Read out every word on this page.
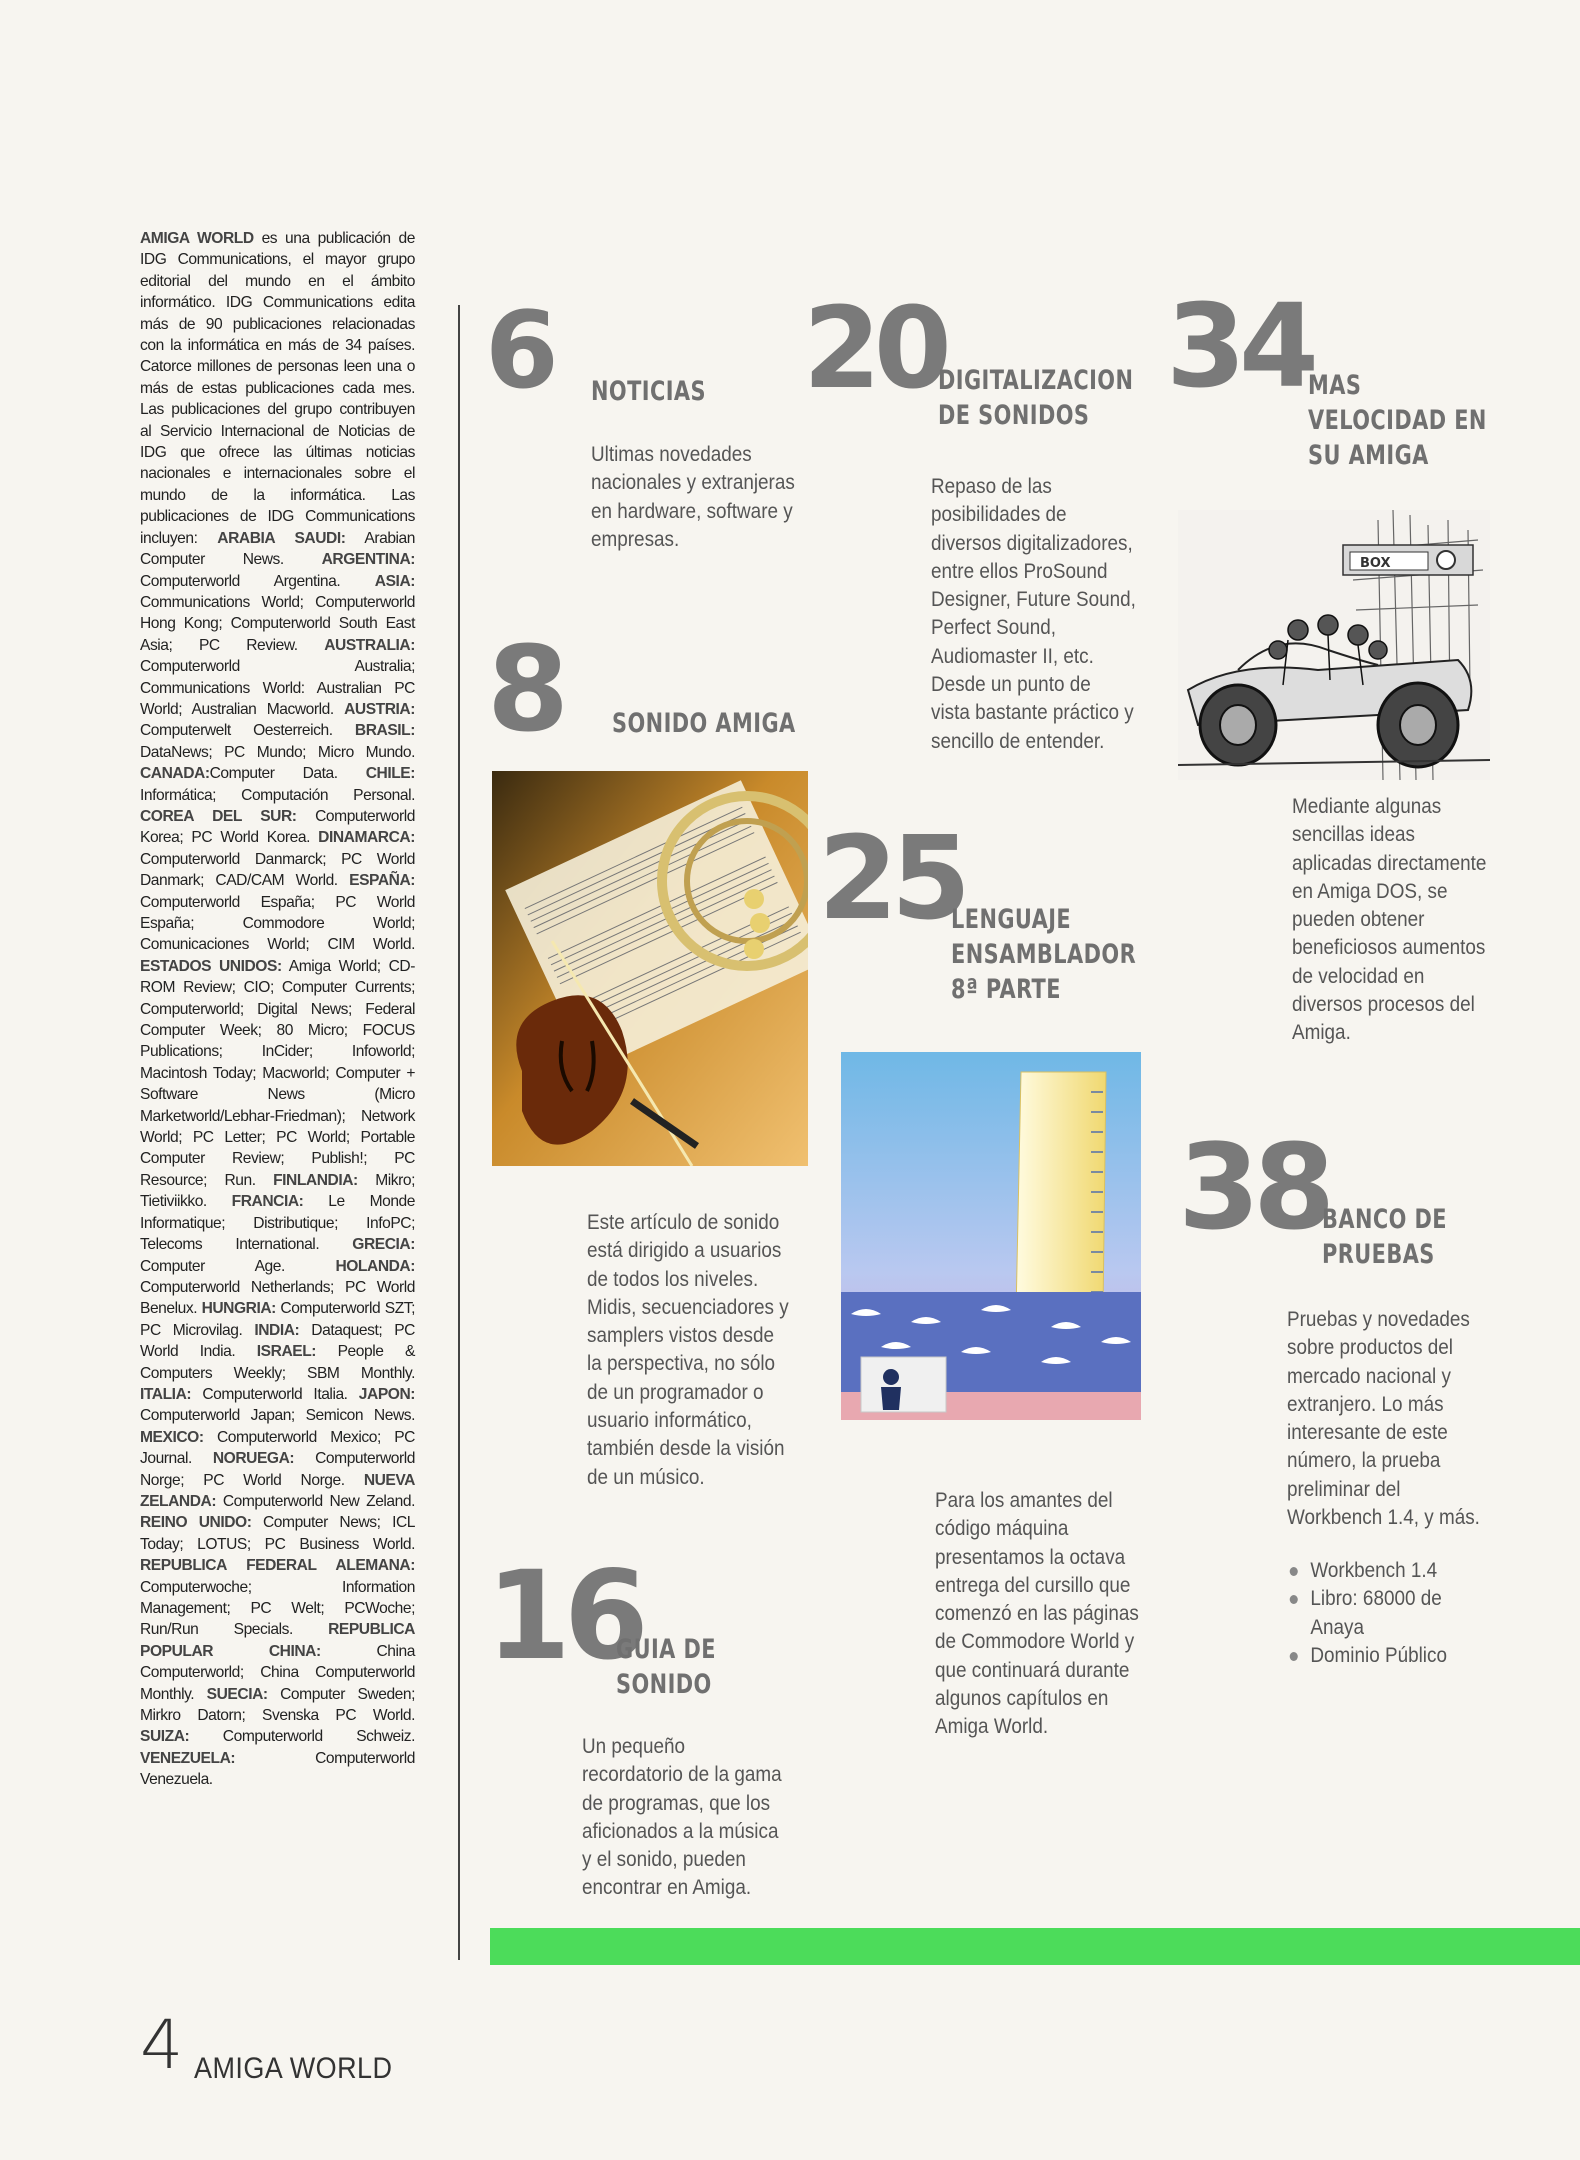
AMIGA WORLD es una publicación de IDG Communications, el mayor grupo editorial del mundo en el ámbito informático. IDG Communications edita más de 90 publicaciones relacionadas con la informática en más de 34 países. Catorce millones de personas leen una o más de estas publicaciones cada mes. Las publicaciones del grupo contribuyen al Servicio Internacional de Noticias de IDG que ofrece las últimas noticias nacionales e internacionales sobre el mundo de la informática. Las publicaciones de IDG Communications incluyen: ARABIA SAUDI: Arabian Computer News. ARGENTINA: Computerworld Argentina. ASIA: Communications World; Computerworld Hong Kong; Computerworld South East Asia; PC Review. AUSTRALIA: Computerworld Australia; Communications World: Australian PC World; Australian Macworld. AUSTRIA: Computerwelt Oesterreich. BRASIL: DataNews; PC Mundo; Micro Mundo. CANADA:Computer Data. CHILE: Informática; Computación Personal. COREA DEL SUR: Computerworld Korea; PC World Korea. DINAMARCA: Computerworld Danmarck; PC World Danmark; CAD/CAM World. ESPAÑA: Computerworld España; PC World España; Commodore World; Comunicaciones World; CIM World. ESTADOS UNIDOS: Amiga World; CD-ROM Review; CIO; Computer Currents; Computerworld; Digital News; Federal Computer Week; 80 Micro; FOCUS Publications; InCider; Infoworld; Macintosh Today; Macworld; Computer + Software News (Micro Marketworld/Lebhar-Friedman); Network World; PC Letter; PC World; Portable Computer Review; Publish!; PC Resource; Run. FINLANDIA: Mikro; Tietiviikko. FRANCIA: Le Monde Informatique; Distributique; InfoPC; Telecoms International. GRECIA: Computer Age. HOLANDA: Computerworld Netherlands; PC World Benelux. HUNGRIA: Computerworld SZT; PC Microvilag. INDIA: Dataquest; PC World India. ISRAEL: People & Computers Weekly; SBM Monthly. ITALIA: Computerworld Italia. JAPON: Computerworld Japan; Semicon News. MEXICO: Computerworld Mexico; PC Journal. NORUEGA: Computerworld Norge; PC World Norge. NUEVA ZELANDA: Computerworld New Zeland. REINO UNIDO: Computer News; ICL Today; LOTUS; PC Business World. REPUBLICA FEDERAL ALEMANA: Computerwoche; Information Management; PC Welt; PCWoche; Run/Run Specials. REPUBLICA POPULAR CHINA: China Computerworld; China Computerworld Monthly. SUECIA: Computer Sweden; Mirkro Datorn; Svenska PC World. SUIZA: Computerworld Schweiz. VENEZUELA: Computerworld Venezuela.
6 NOTICIAS
Ultimas novedades
nacionales y extranjeras
en hardware, software y
empresas.
20
DIGITALIZACION
DE SONIDOS
Repaso de las
posibilidades de
diversos digitalizadores,
entre ellos ProSound
Designer, Future Sound,
Perfect Sound,
Audiomaster II, etc.
Desde un punto de
vista bastante práctico y
sencillo de entender.
34
MAS
VELOCIDAD EN
SU AMIGA
BOX
Mediante algunas
sencillas ideas
aplicadas directamente
en Amiga DOS, se
pueden obtener
beneficiosos aumentos
de velocidad en
diversos procesos del
Amiga.
8 SONIDO AMIGA
Este artículo de sonido
está dirigido a usuarios
de todos los niveles.
Midis, secuenciadores y
samplers vistos desde
la perspectiva, no sólo
de un programador o
usuario informático,
también desde la visión
de un músico.
25
LENGUAJE
ENSAMBLADOR
8ª PARTE
Para los amantes del
código máquina
presentamos la octava
entrega del cursillo que
comenzó en las páginas
de Commodore World y
que continuará durante
algunos capítulos en
Amiga World.
38
BANCO DE
PRUEBAS
Pruebas y novedades
sobre productos del
mercado nacional y
extranjero. Lo más
interesante de este
número, la prueba
preliminar del
Workbench 1.4, y más.
Workbench 1.4
Libro: 68000 de
Anaya
Dominio Público
16
GUIA DE
SONIDO
Un pequeño
recordatorio de la gama
de programas, que los
aficionados a la música
y el sonido, pueden
encontrar en Amiga.
4 AMIGA WORLD
